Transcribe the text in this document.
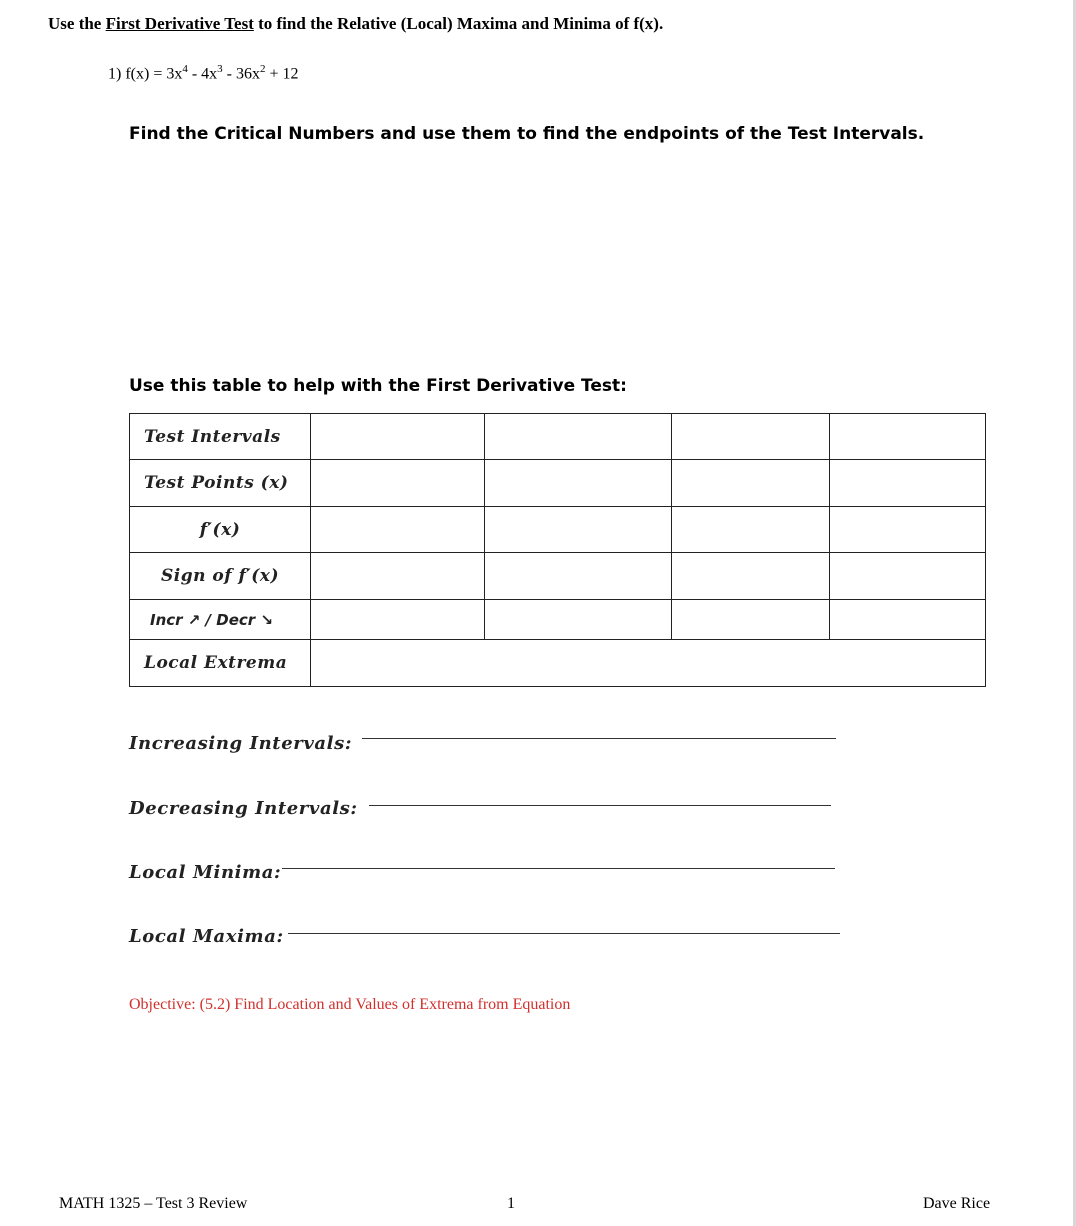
Use the First Derivative Test to find the Relative (Local) Maxima and Minima of f(x).
1) $f(x) = 3x^4 - 4x^3 - 36x^2 + 12$
Find the Critical Numbers and use them to find the endpoints of the Test Intervals.
Use this table to help with the First Derivative Test:
Test Intervals				
Test Points (x)				
f′(x)				
Sign of f′(x)				
Incr ↗ / Decr ↘				
Local Extrema				
Increasing Intervals:
Decreasing Intervals:
Local Minima:
Local Maxima:
Objective: (5.2) Find Location and Values of Extrema from Equation
MATH 1325 – Test 3 Review	1	Dave Rice
